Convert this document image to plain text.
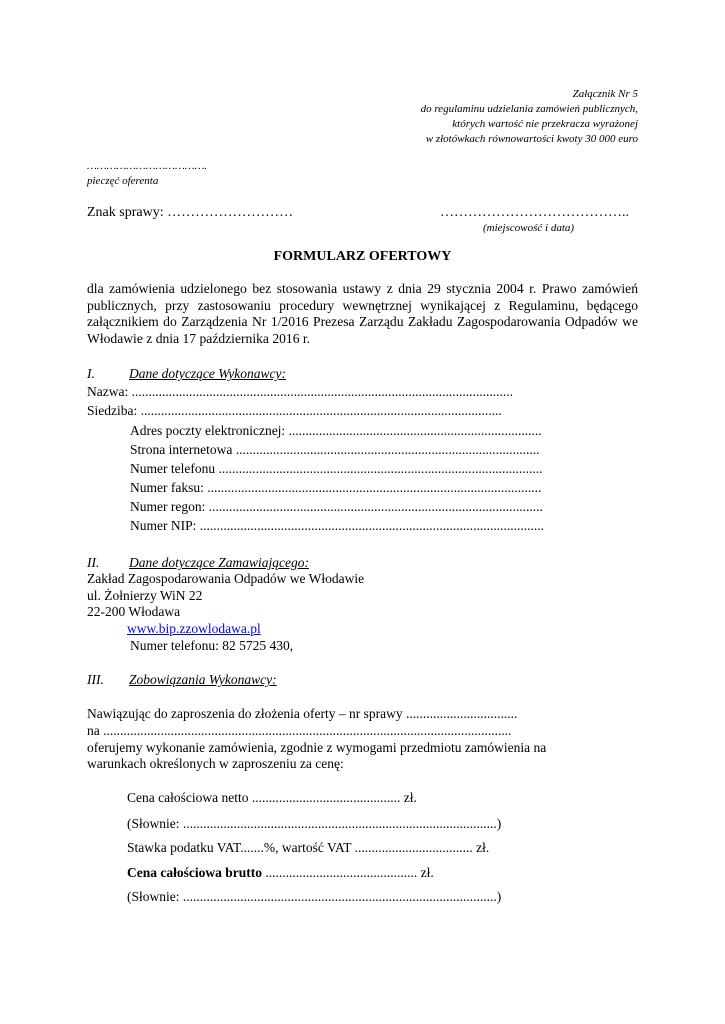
Załącznik Nr 5
do regulaminu udzielania zamówień publicznych,
których wartość nie przekracza wyrażonej
w złotówkach równowartości kwoty 30 000 euro
……………………………….
pieczęć oferenta
Znak sprawy: ………………………	…………………………………..
(miejscowość i data)
FORMULARZ OFERTOWY
dla zamówienia udzielonego bez stosowania ustawy z dnia 29 stycznia 2004 r. Prawo zamówień publicznych, przy zastosowaniu procedury wewnętrznej wynikającej z Regulaminu, będącego załącznikiem do Zarządzenia Nr 1/2016 Prezesa Zarządu Zakładu Zagospodarowania Odpadów we Włodawie z dnia 17 października 2016 r.
I.	Dane dotyczące Wykonawcy:
Nazwa: .................................................................................................................
Siedziba: ...........................................................................................................
Adres poczty elektronicznej: ...........................................................................
Strona internetowa ..........................................................................................
Numer telefonu ................................................................................................
Numer faksu: ...................................................................................................
Numer regon: ...................................................................................................
Numer NIP: ......................................................................................................
II. Dane dotyczące Zamawiającego:
Zakład Zagospodarowania Odpadów we Włodawie
ul. Żołnierzy WiN 22
22-200 Włodawa
www.bip.zzowlodawa.pl
Numer telefonu: 82 5725 430,
III. Zobowiązania Wykonawcy:
Nawiązując do zaproszenia do złożenia oferty – nr sprawy .................................
na .........................................................................................................................
oferujemy wykonanie zamówienia, zgodnie z wymogami przedmiotu zamówienia na
warunkach określonych w zaproszeniu za cenę:
Cena całościowa netto ............................................ zł.
(Słownie: .............................................................................................)
Stawka podatku VAT.......%, wartość VAT ................................... zł.
Cena całościowa brutto ............................................. zł.
(Słownie: .............................................................................................)
